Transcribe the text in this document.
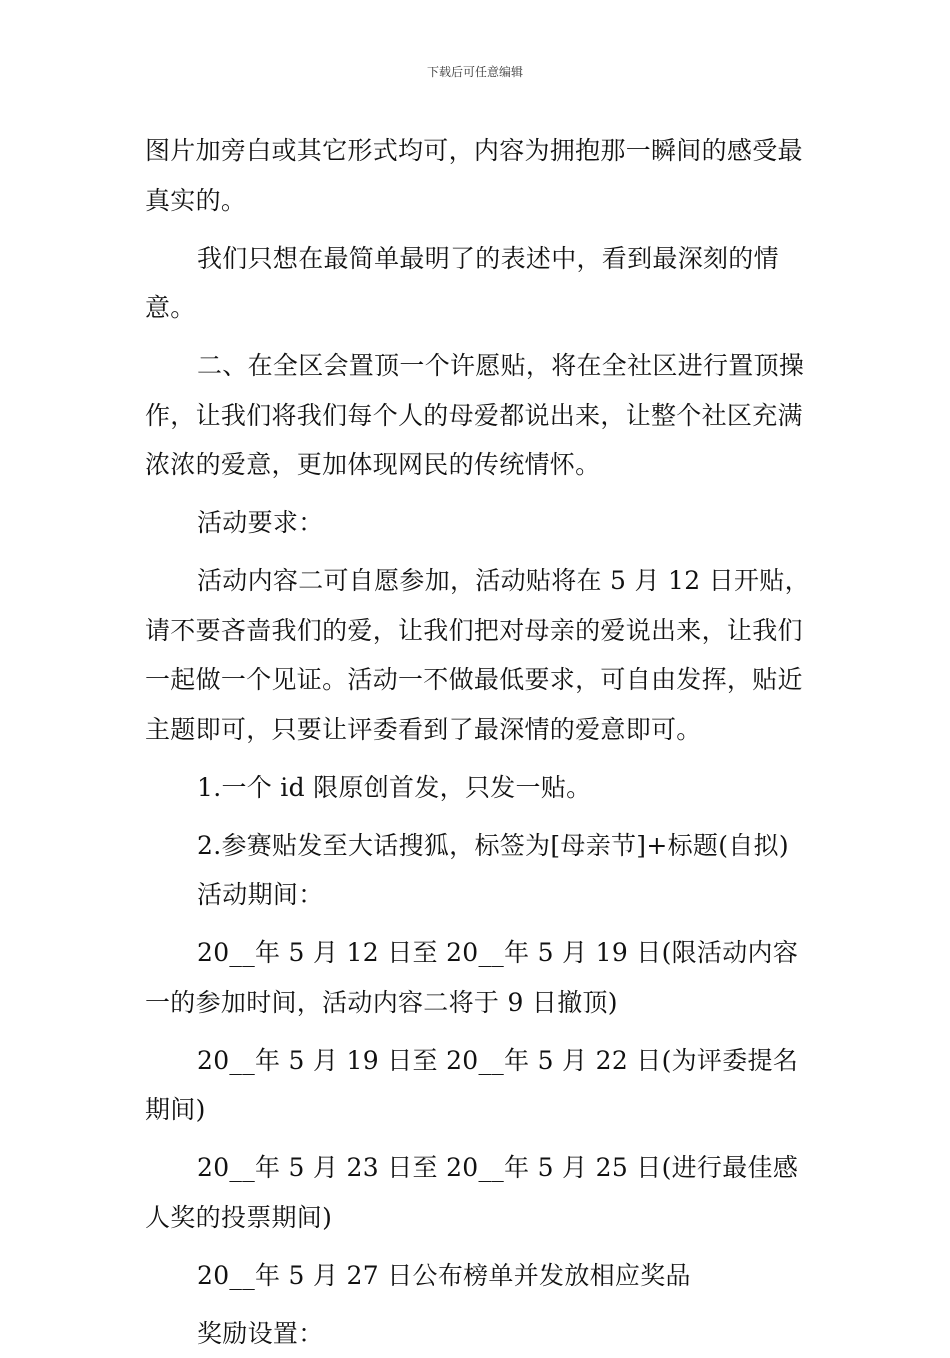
下载后可任意编辑

图片加旁白或其它形式均可，内容为拥抱那一瞬间的感受最真实的。

我们只想在最简单最明了的表述中，看到最深刻的情意。

二、在全区会置顶一个许愿贴，将在全社区进行置顶操作，让我们将我们每个人的母爱都说出来，让整个社区充满浓浓的爱意，更加体现网民的传统情怀。

活动要求：

活动内容二可自愿参加，活动贴将在 5 月 12 日开贴，请不要吝啬我们的爱，让我们把对母亲的爱说出来，让我们一起做一个见证。活动一不做最低要求，可自由发挥，贴近主题即可，只要让评委看到了最深情的爱意即可。

1.一个 id 限原创首发，只发一贴。

2.参赛贴发至大话搜狐，标签为[母亲节]+标题(自拟)

活动期间：

20__年 5 月 12 日至 20__年 5 月 19 日(限活动内容一的参加时间，活动内容二将于 9 日撤顶)

20__年 5 月 19 日至 20__年 5 月 22 日(为评委提名期间)

20__年 5 月 23 日至 20__年 5 月 25 日(进行最佳感人奖的投票期间)

20__年 5 月 27 日公布榜单并发放相应奖品

奖励设置：
